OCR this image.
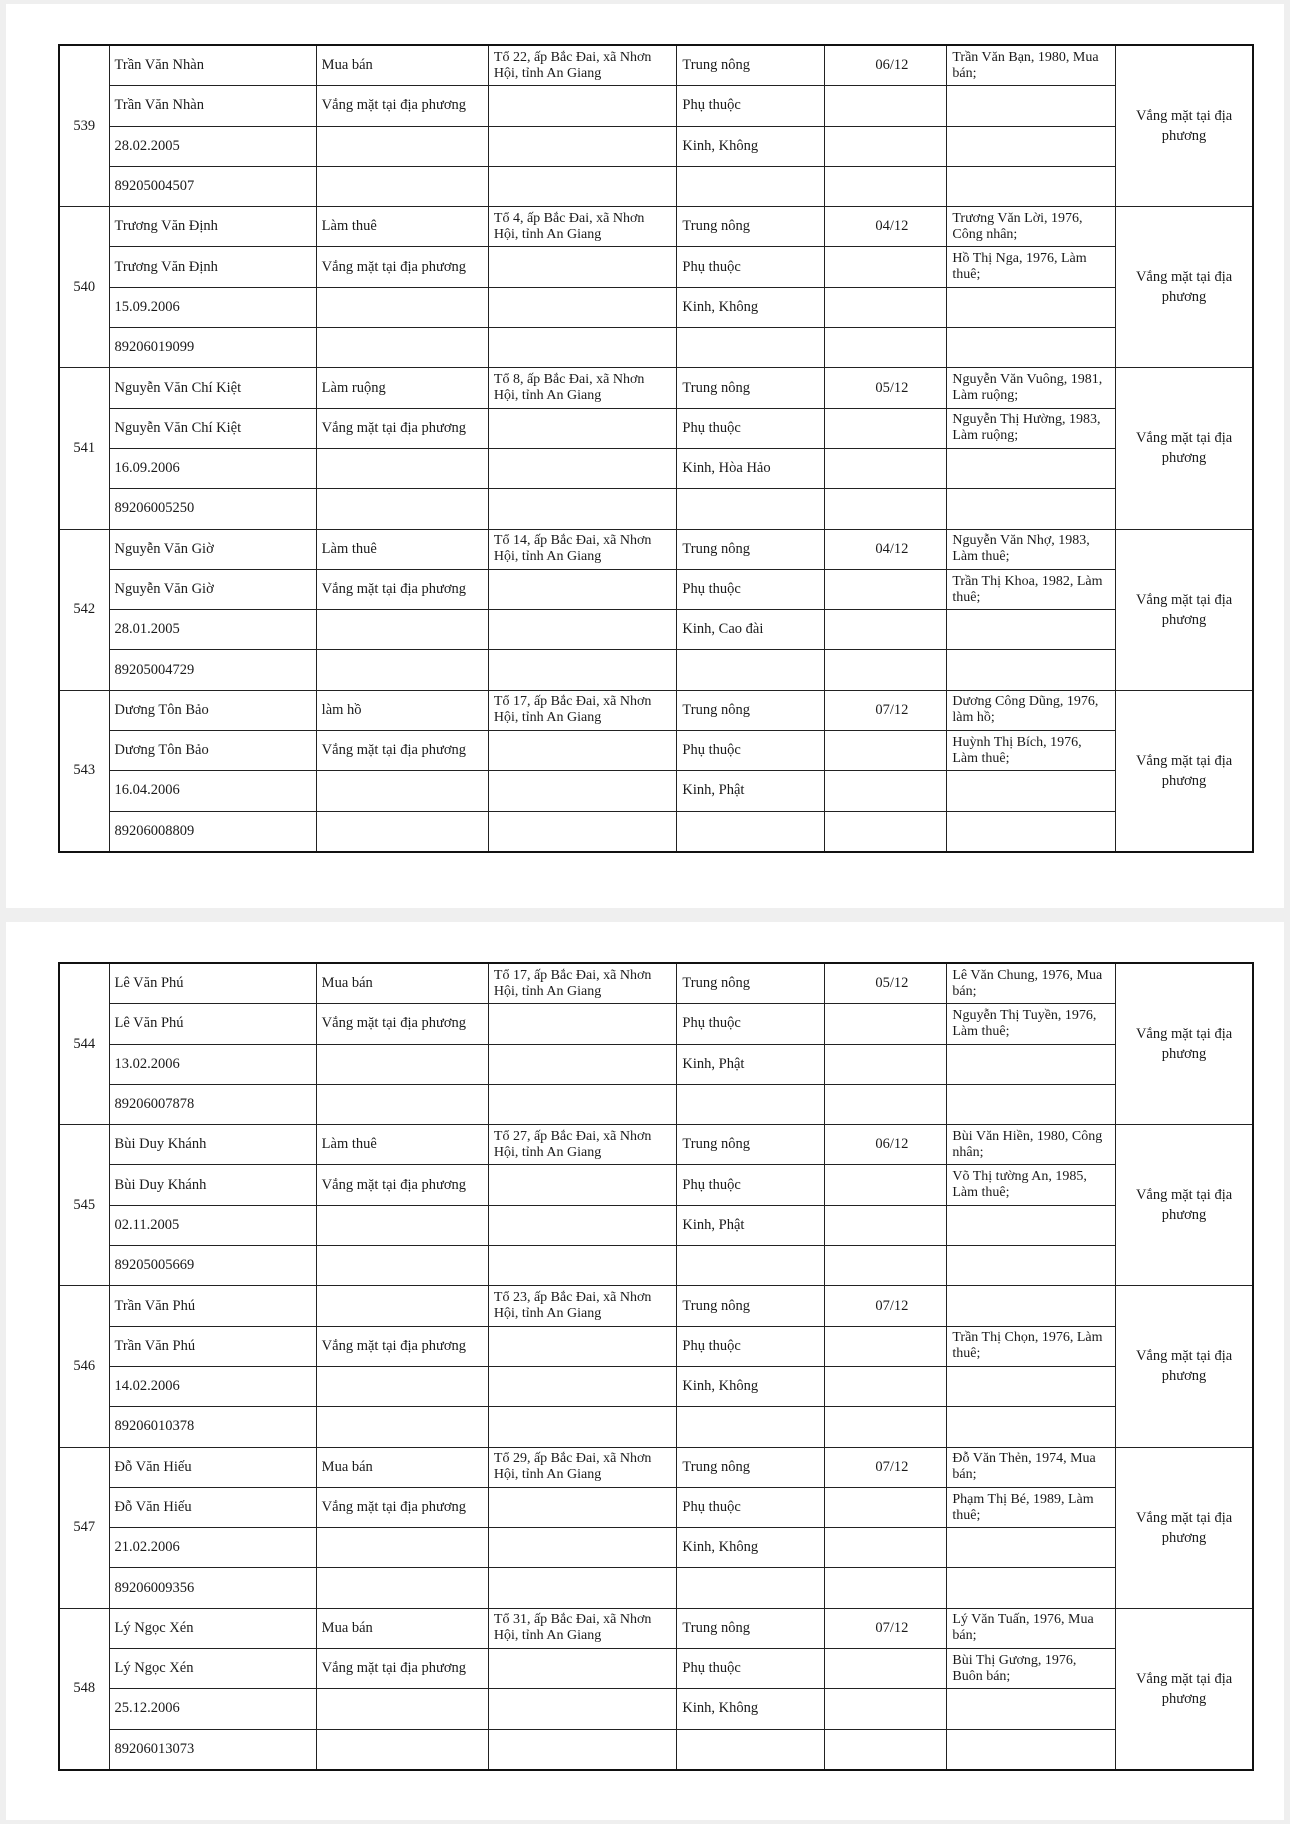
539	Trần Văn Nhàn	Mua bán	Tổ 22, ấp Bắc Đai, xã Nhơn Hội, tỉnh An Giang	Trung nông	06/12	Trần Văn Bạn, 1980, Mua bán;	Vắng mặt tại địa phương
	Trần Văn Nhàn	Vắng mặt tại địa phương		Phụ thuộc			
	28.02.2005			Kinh, Không			
	89205004507						
540	Trương Văn Định	Làm thuê	Tổ 4, ấp Bắc Đai, xã Nhơn Hội, tỉnh An Giang	Trung nông	04/12	Trương Văn Lời, 1976, Công nhân;	Vắng mặt tại địa phương
	Trương Văn Định	Vắng mặt tại địa phương		Phụ thuộc		Hồ Thị Nga, 1976, Làm thuê;	
	15.09.2006			Kinh, Không			
	89206019099						
541	Nguyễn Văn Chí Kiệt	Làm ruộng	Tổ 8, ấp Bắc Đai, xã Nhơn Hội, tỉnh An Giang	Trung nông	05/12	Nguyễn Văn Vuông, 1981, Làm ruộng;	Vắng mặt tại địa phương
	Nguyễn Văn Chí Kiệt	Vắng mặt tại địa phương		Phụ thuộc		Nguyễn Thị Hường, 1983, Làm ruộng;	
	16.09.2006			Kinh, Hòa Hảo			
	89206005250						
542	Nguyễn Văn Giờ	Làm thuê	Tổ 14, ấp Bắc Đai, xã Nhơn Hội, tỉnh An Giang	Trung nông	04/12	Nguyễn Văn Nhợ, 1983, Làm thuê;	Vắng mặt tại địa phương
	Nguyễn Văn Giờ	Vắng mặt tại địa phương		Phụ thuộc		Trần Thị Khoa, 1982, Làm thuê;	
	28.01.2005			Kinh, Cao đài			
	89205004729						
543	Dương Tôn Bảo	làm hồ	Tổ 17, ấp Bắc Đai, xã Nhơn Hội, tỉnh An Giang	Trung nông	07/12	Dương Công Dũng, 1976, làm hồ;	Vắng mặt tại địa phương
	Dương Tôn Bảo	Vắng mặt tại địa phương		Phụ thuộc		Huỳnh Thị Bích, 1976, Làm thuê;	
	16.04.2006			Kinh, Phật			
	89206008809						
544	Lê Văn Phú	Mua bán	Tổ 17, ấp Bắc Đai, xã Nhơn Hội, tỉnh An Giang	Trung nông	05/12	Lê Văn Chung, 1976, Mua bán;	Vắng mặt tại địa phương
	Lê Văn Phú	Vắng mặt tại địa phương		Phụ thuộc		Nguyễn Thị Tuyền, 1976, Làm thuê;	
	13.02.2006			Kinh, Phật			
	89206007878						
545	Bùi Duy Khánh	Làm thuê	Tổ 27, ấp Bắc Đai, xã Nhơn Hội, tỉnh An Giang	Trung nông	06/12	Bùi Văn Hiền, 1980, Công nhân;	Vắng mặt tại địa phương
	Bùi Duy Khánh	Vắng mặt tại địa phương		Phụ thuộc		Võ Thị tường An, 1985, Làm thuê;	
	02.11.2005			Kinh, Phật			
	89205005669						
546	Trần Văn Phú		Tổ 23, ấp Bắc Đai, xã Nhơn Hội, tỉnh An Giang	Trung nông	07/12		Vắng mặt tại địa phương
	Trần Văn Phú	Vắng mặt tại địa phương		Phụ thuộc		Trần Thị Chọn, 1976, Làm thuê;	
	14.02.2006			Kinh, Không			
	89206010378						
547	Đỗ Văn Hiếu	Mua bán	Tổ 29, ấp Bắc Đai, xã Nhơn Hội, tỉnh An Giang	Trung nông	07/12	Đỗ Văn Thẻn, 1974, Mua bán;	Vắng mặt tại địa phương
	Đỗ Văn Hiếu	Vắng mặt tại địa phương		Phụ thuộc		Phạm Thị Bé, 1989, Làm thuê;	
	21.02.2006			Kinh, Không			
	89206009356						
548	Lý Ngọc Xén	Mua bán	Tổ 31, ấp Bắc Đai, xã Nhơn Hội, tỉnh An Giang	Trung nông	07/12	Lý Văn Tuấn, 1976, Mua bán;	Vắng mặt tại địa phương
	Lý Ngọc Xén	Vắng mặt tại địa phương		Phụ thuộc		Bùi Thị Gương, 1976, Buôn bán;	
	25.12.2006			Kinh, Không			
	89206013073						
